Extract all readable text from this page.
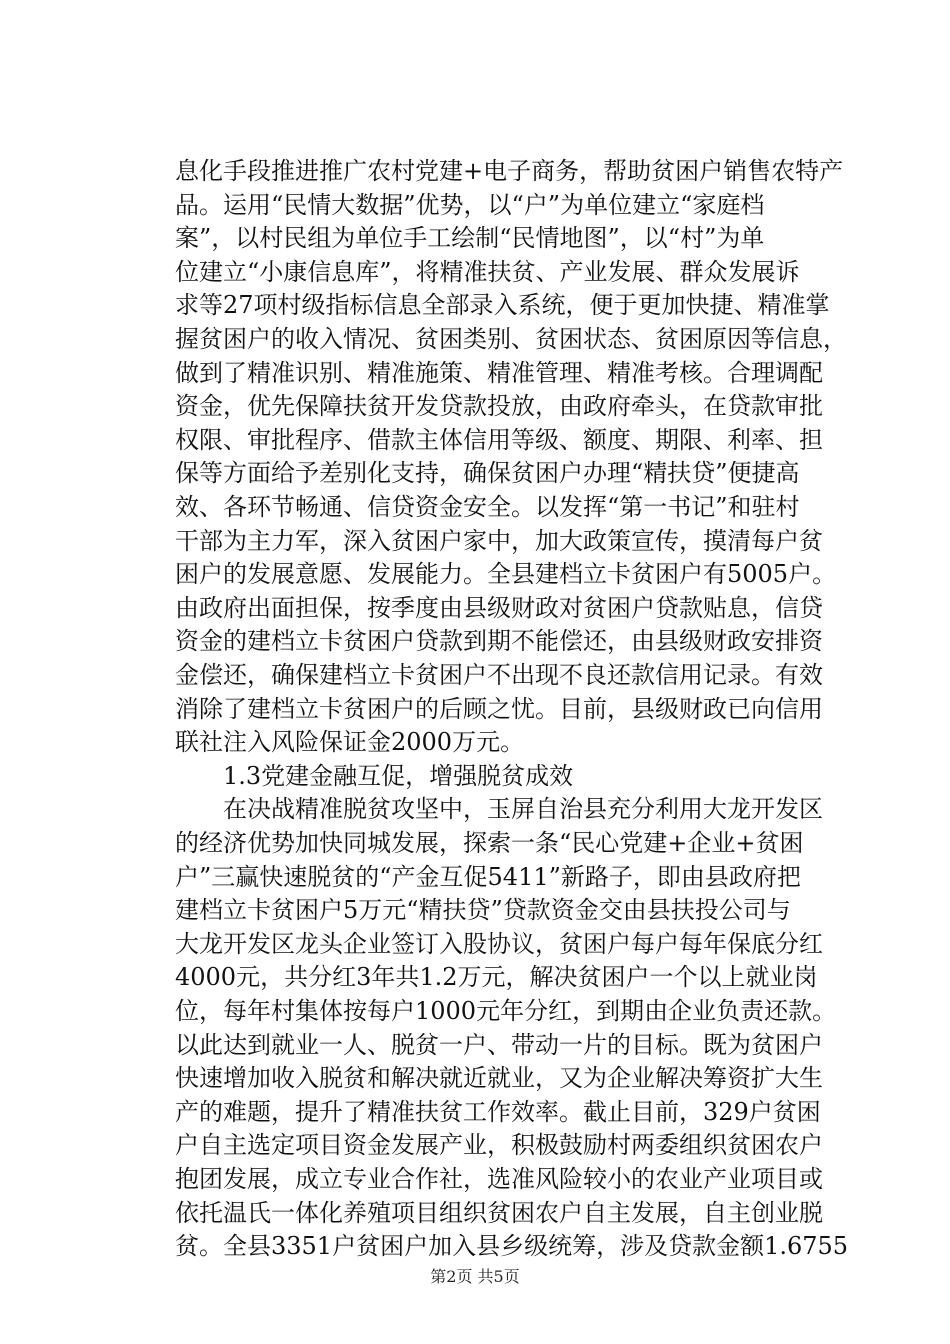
息化手段推进推广农村党建+电子商务，帮助贫困户销售农特产
品。运用“民情大数据”优势，以“户”为单位建立“家庭档
案”，以村民组为单位手工绘制“民情地图”，以“村”为单
位建立“小康信息库”，将精准扶贫、产业发展、群众发展诉
求等27项村级指标信息全部录入系统，便于更加快捷、精准掌
握贫困户的收入情况、贫困类别、贫困状态、贫困原因等信息，
做到了精准识别、精准施策、精准管理、精准考核。合理调配
资金，优先保障扶贫开发贷款投放，由政府牵头，在贷款审批
权限、审批程序、借款主体信用等级、额度、期限、利率、担
保等方面给予差别化支持，确保贫困户办理“精扶贷”便捷高
效、各环节畅通、信贷资金安全。以发挥“第一书记”和驻村
干部为主力军，深入贫困户家中，加大政策宣传，摸清每户贫
困户的发展意愿、发展能力。全县建档立卡贫困户有5005户。
由政府出面担保，按季度由县级财政对贫困户贷款贴息，信贷
资金的建档立卡贫困户贷款到期不能偿还，由县级财政安排资
金偿还，确保建档立卡贫困户不出现不良还款信用记录。有效
消除了建档立卡贫困户的后顾之忧。目前，县级财政已向信用
联社注入风险保证金2000万元。
　　1.3党建金融互促，增强脱贫成效
　　在决战精准脱贫攻坚中，玉屏自治县充分利用大龙开发区
的经济优势加快同城发展，探索一条“民心党建+企业+贫困
户”三赢快速脱贫的“产金互促5411”新路子，即由县政府把
建档立卡贫困户5万元“精扶贷”贷款资金交由县扶投公司与
大龙开发区龙头企业签订入股协议，贫困户每户每年保底分红
4000元，共分红3年共1.2万元，解决贫困户一个以上就业岗
位，每年村集体按每户1000元年分红，到期由企业负责还款。
以此达到就业一人、脱贫一户、带动一片的目标。既为贫困户
快速增加收入脱贫和解决就近就业，又为企业解决筹资扩大生
产的难题，提升了精准扶贫工作效率。截止目前，329户贫困
户自主选定项目资金发展产业，积极鼓励村两委组织贫困农户
抱团发展，成立专业合作社，选准风险较小的农业产业项目或
依托温氏一体化养殖项目组织贫困农户自主发展，自主创业脱
贫。全县3351户贫困户加入县乡级统筹，涉及贷款金额1.6755
第2页 共5页
